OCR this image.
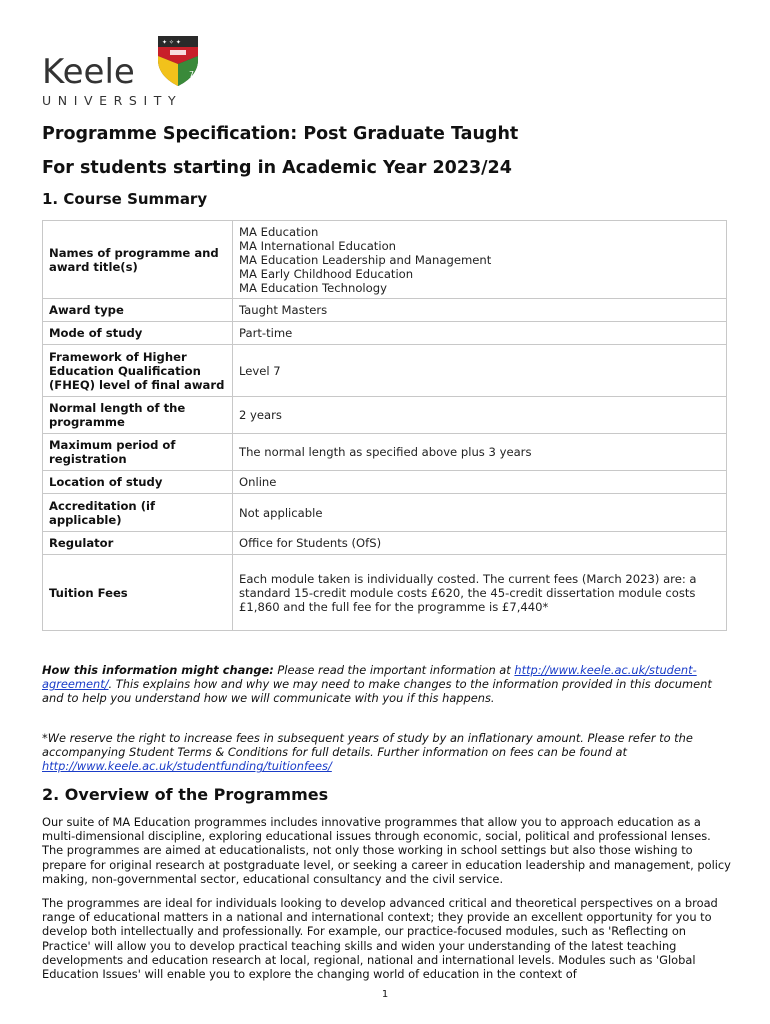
Keele
UNIVERSITY
7
✦ ✧ ✦
Programme Specification: Post Graduate Taught
For students starting in Academic Year 2023/24
1. Course Summary
Names of programme and award title(s)	MA Education
MA International Education
MA Education Leadership and Management
MA Early Childhood Education
MA Education Technology

Award type	Taught Masters
Mode of study	Part-time
Framework of Higher Education Qualification (FHEQ) level of final award	Level 7
Normal length of the programme	2 years
Maximum period of registration	The normal length as specified above plus 3 years
Location of study	Online
Accreditation (if applicable)	Not applicable
Regulator	Office for Students (OfS)
Tuition Fees	Each module taken is individually costed. The current fees (March 2023) are: a standard 15-credit module costs £620, the 45-credit dissertation module costs £1,860 and the full fee for the programme is £7,440*
How this information might change: Please read the important information at http://www.keele.ac.uk/student-agreement/. This explains how and why we may need to make changes to the information provided in this document and to help you understand how we will communicate with you if this happens.
*We reserve the right to increase fees in subsequent years of study by an inflationary amount. Please refer to the accompanying Student Terms & Conditions for full details. Further information on fees can be found at http://www.keele.ac.uk/studentfunding/tuitionfees/
2. Overview of the Programmes
Our suite of MA Education programmes includes innovative programmes that allow you to approach education as a multi-dimensional discipline, exploring educational issues through economic, social, political and professional lenses. The programmes are aimed at educationalists, not only those working in school settings but also those wishing to prepare for original research at postgraduate level, or seeking a career in education leadership and management, policy making, non-governmental sector, educational consultancy and the civil service.
The programmes are ideal for individuals looking to develop advanced critical and theoretical perspectives on a broad range of educational matters in a national and international context; they provide an excellent opportunity for you to develop both intellectually and professionally. For example, our practice-focused modules, such as 'Reflecting on Practice' will allow you to develop practical teaching skills and widen your understanding of the latest teaching developments and education research at local, regional, national and international levels. Modules such as 'Global Education Issues' will enable you to explore the changing world of education in the context of
1
